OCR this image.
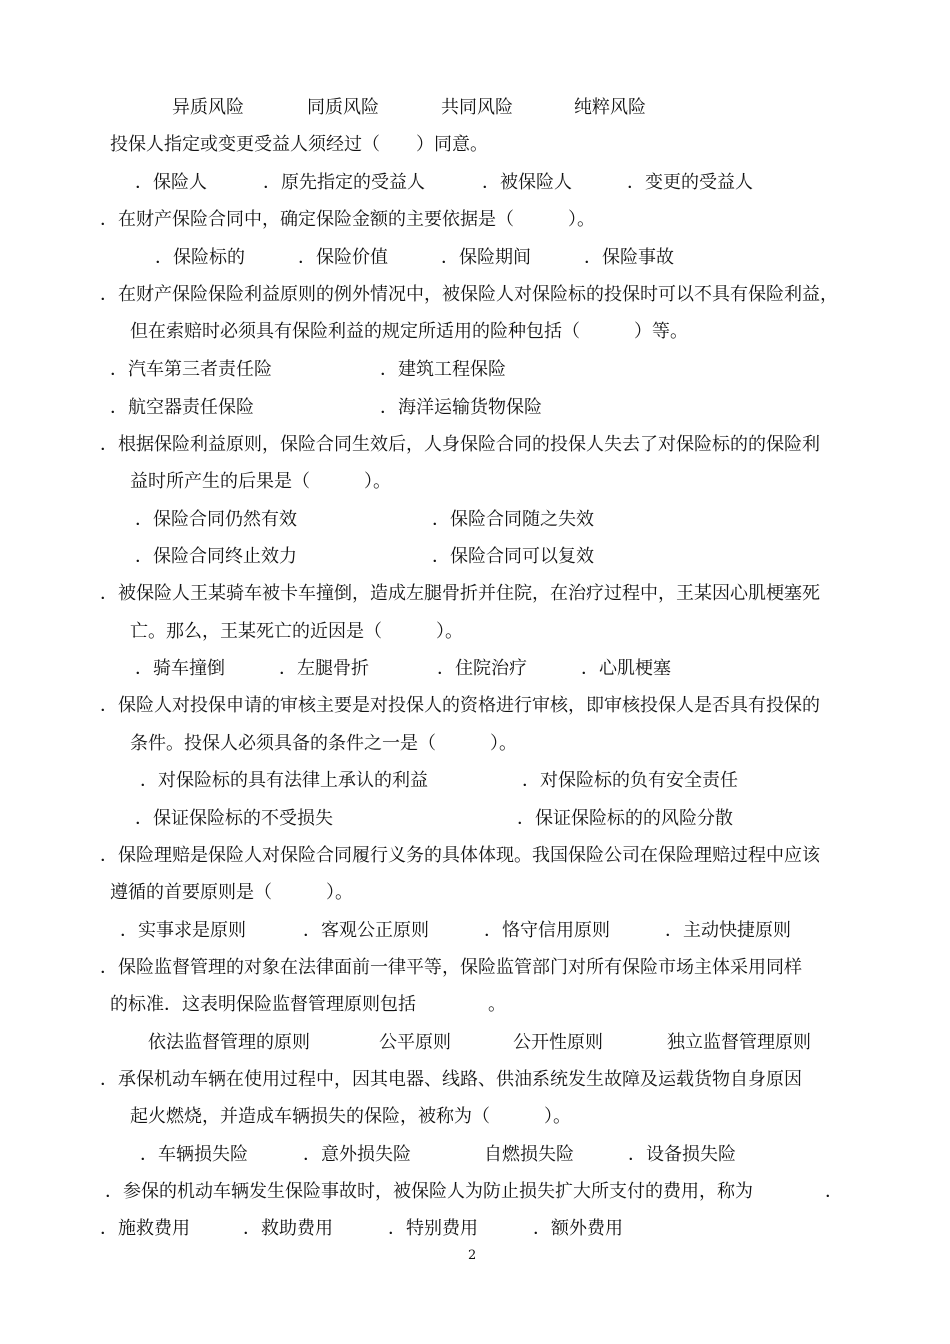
异质风险	同质风险	共同风险	纯粹风险
投保人指定或变更受益人须经过（　　）同意。
．保险人	．原先指定的受益人	．被保险人	．变更的受益人
．在财产保险合同中，确定保险金额的主要依据是（　　　）。
．保险标的	．保险价值	．保险期间	．保险事故
．在财产保险保险利益原则的例外情况中，被保险人对保险标的投保时可以不具有保险利益，
但在索赔时必须具有保险利益的规定所适用的险种包括（　　　）等。
．汽车第三者责任险	．建筑工程保险
．航空器责任保险	．海洋运输货物保险
．根据保险利益原则，保险合同生效后，人身保险合同的投保人失去了对保险标的的保险利
益时所产生的后果是（　　　）。
．保险合同仍然有效	．保险合同随之失效
．保险合同终止效力	．保险合同可以复效
．被保险人王某骑车被卡车撞倒，造成左腿骨折并住院，在治疗过程中，王某因心肌梗塞死
亡。那么，王某死亡的近因是（　　　）。
．骑车撞倒	．左腿骨折	．住院治疗	．心肌梗塞
．保险人对投保申请的审核主要是对投保人的资格进行审核，即审核投保人是否具有投保的
条件。投保人必须具备的条件之一是（　　　）。
．对保险标的具有法律上承认的利益	．对保险标的负有安全责任
．保证保险标的不受损失	．保证保险标的的风险分散
．保险理赔是保险人对保险合同履行义务的具体体现。我国保险公司在保险理赔过程中应该
遵循的首要原则是（　　　）。
．实事求是原则	．客观公正原则	．恪守信用原则	．主动快捷原则
．保险监督管理的对象在法律面前一律平等，保险监管部门对所有保险市场主体采用同样
的标准．这表明保险监督管理原则包括　　　　。
依法监督管理的原则	公平原则	公开性原则	独立监督管理原则
．承保机动车辆在使用过程中，因其电器、线路、供油系统发生故障及运载货物自身原因
起火燃烧，并造成车辆损失的保险，被称为（　　　）。
．车辆损失险	．意外损失险	自燃损失险	．设备损失险
．参保的机动车辆发生保险事故时，被保险人为防止损失扩大所支付的费用，称为　　　　．
．施救费用	．救助费用	．特别费用	．额外费用
2
